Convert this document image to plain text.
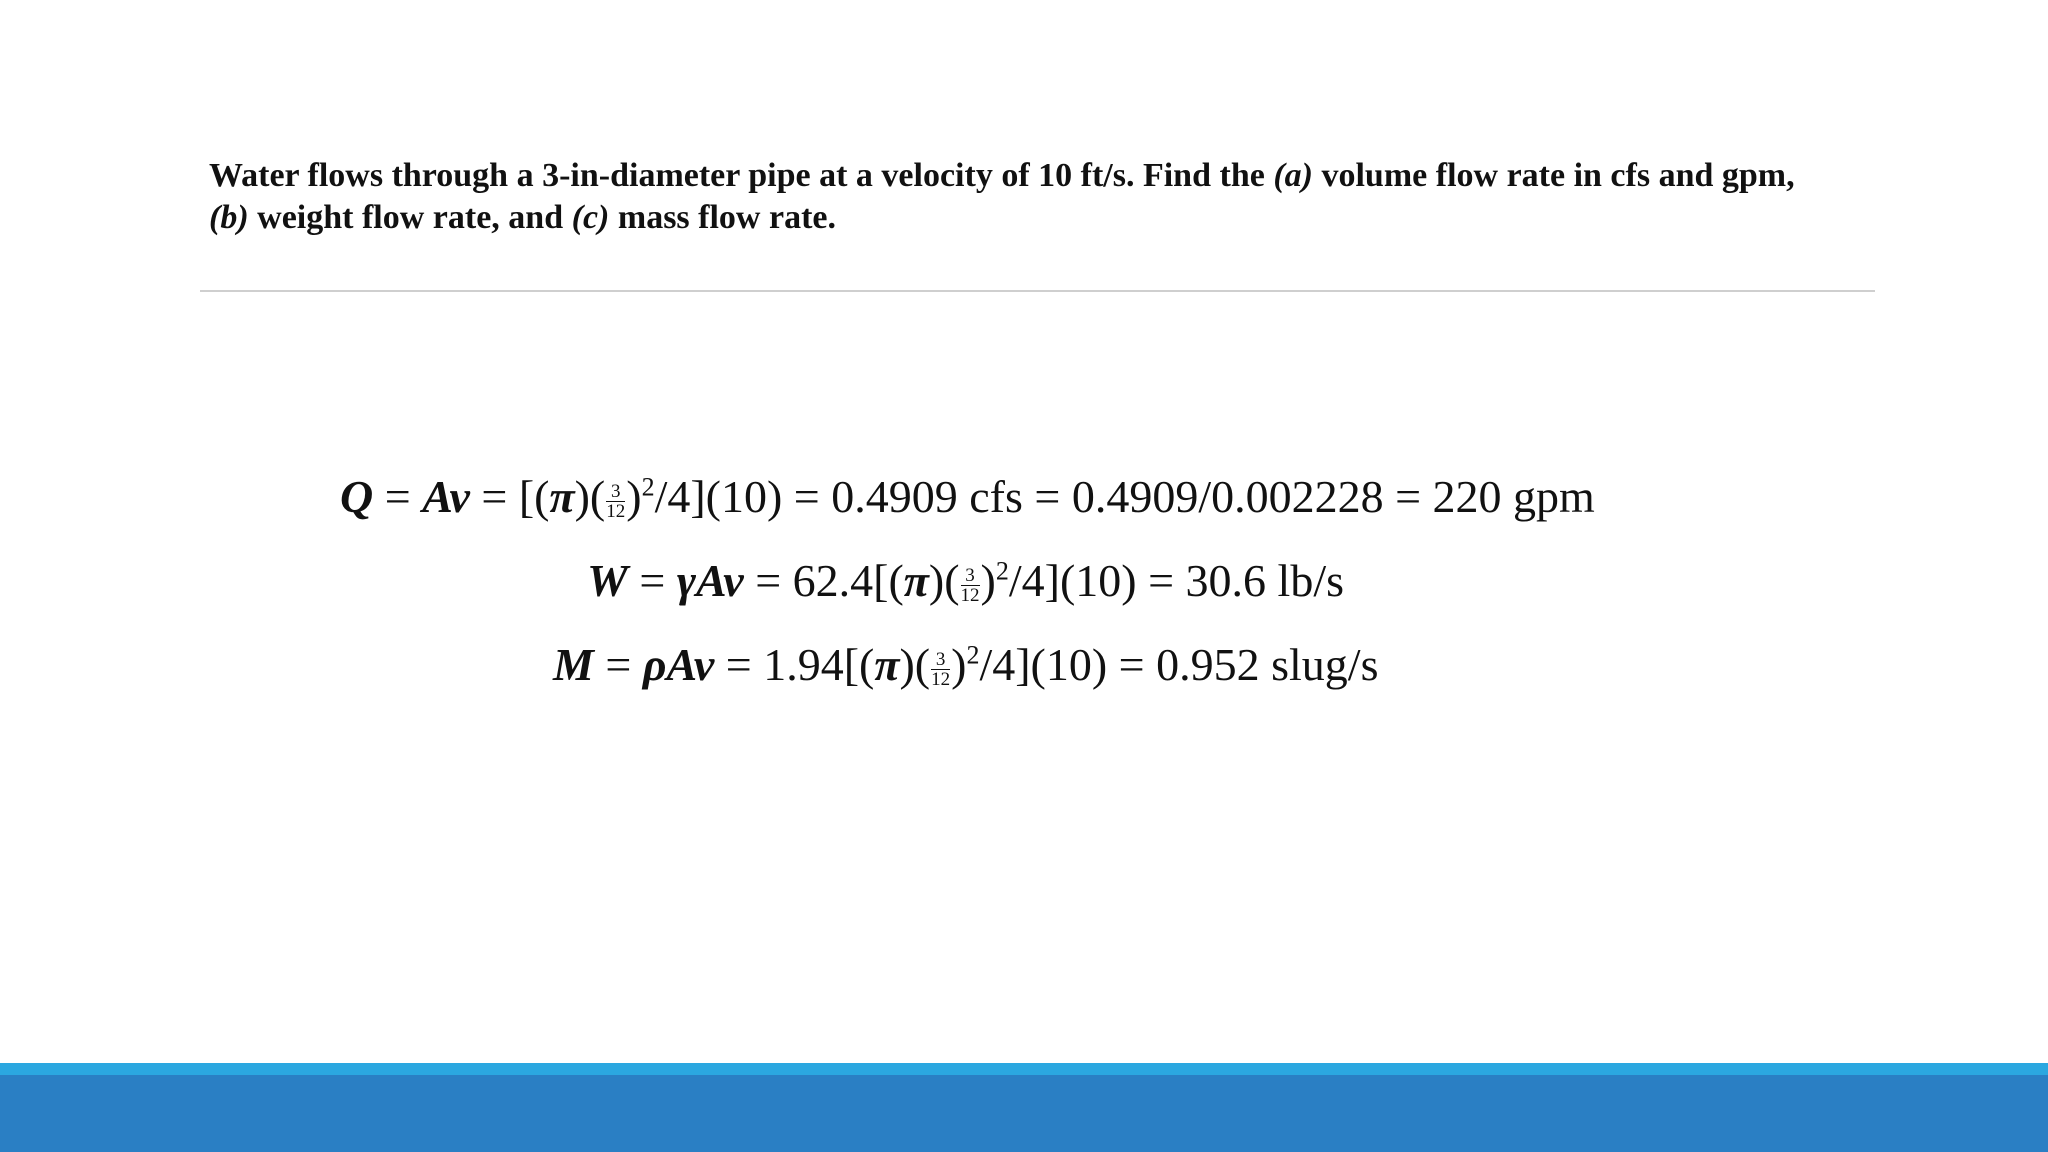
Water flows through a 3-in-diameter pipe at a velocity of 10 ft/s. Find the (a) volume flow rate in cfs and gpm,
(b) weight flow rate, and (c) mass flow rate.
$Q = Av = [(\pi)( \frac{3}{12} )^2/4](10) = 0.4909$ cfs = 0.4909/0.002228 = 220 gpm
$W = \gamma Av = 62.4[(\pi)( \frac{3}{12} )^2/4](10) = 30.6$ lb/s
$M = \rho Av = 1.94[(\pi)( \frac{3}{12} )^2/4](10) = 0.952$ slug/s
